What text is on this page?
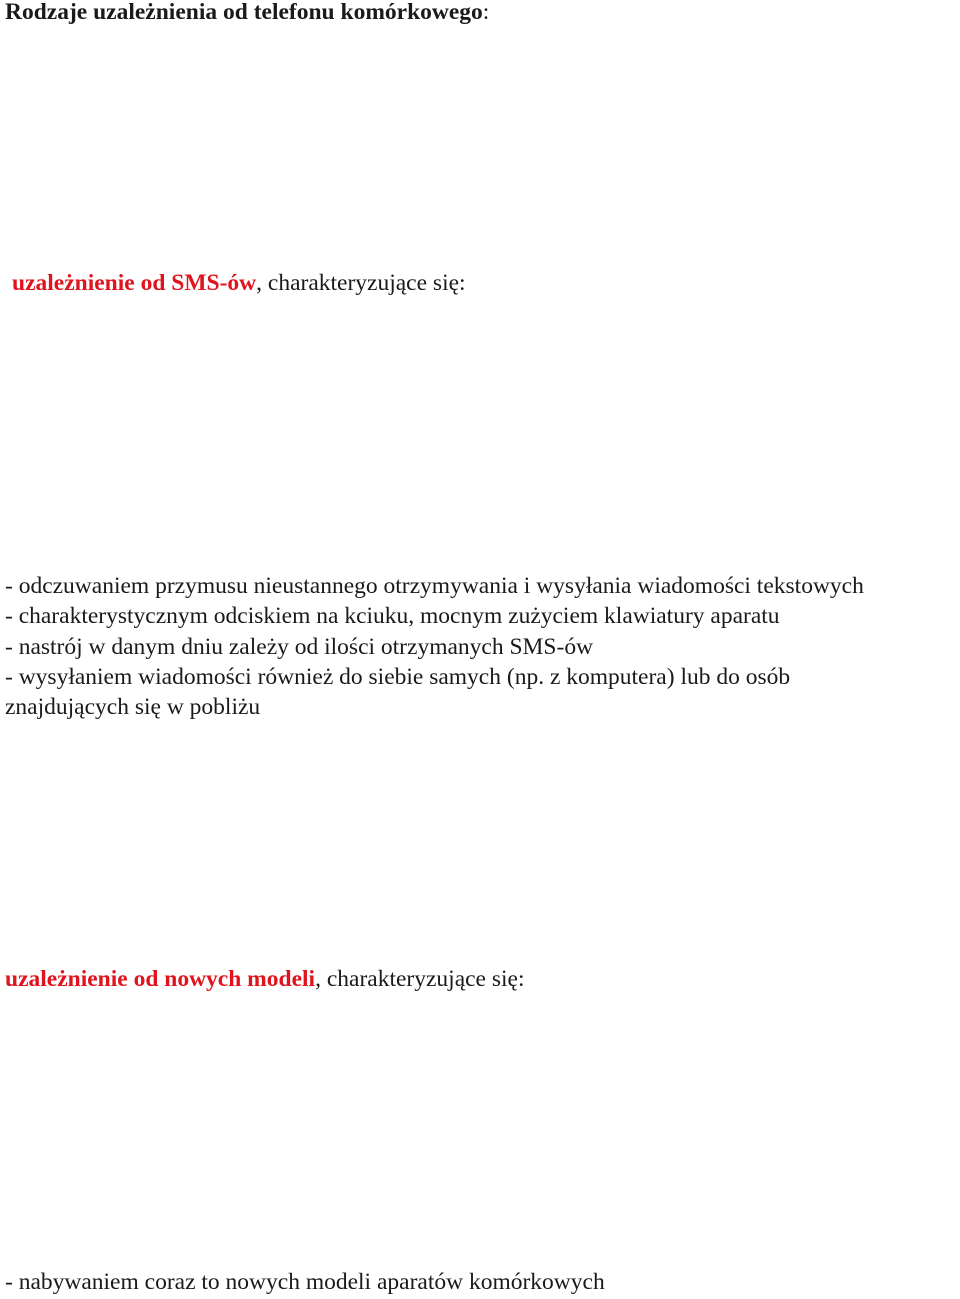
Rodzaje uzależnienia od telefonu komórkowego:

uzależnienie od SMS-ów, charakteryzujące się:

- odczuwaniem przymusu nieustannego otrzymywania i wysyłania wiadomości tekstowych
- charakterystycznym odciskiem na kciuku, mocnym zużyciem klawiatury aparatu
- nastrój w danym dniu zależy od ilości otrzymanych SMS-ów
- wysyłaniem wiadomości również do siebie samych (np. z komputera) lub do osób znajdujących się w pobliżu

uzależnienie od nowych modeli, charakteryzujące się:

- nabywaniem coraz to nowych modeli aparatów komórkowych
